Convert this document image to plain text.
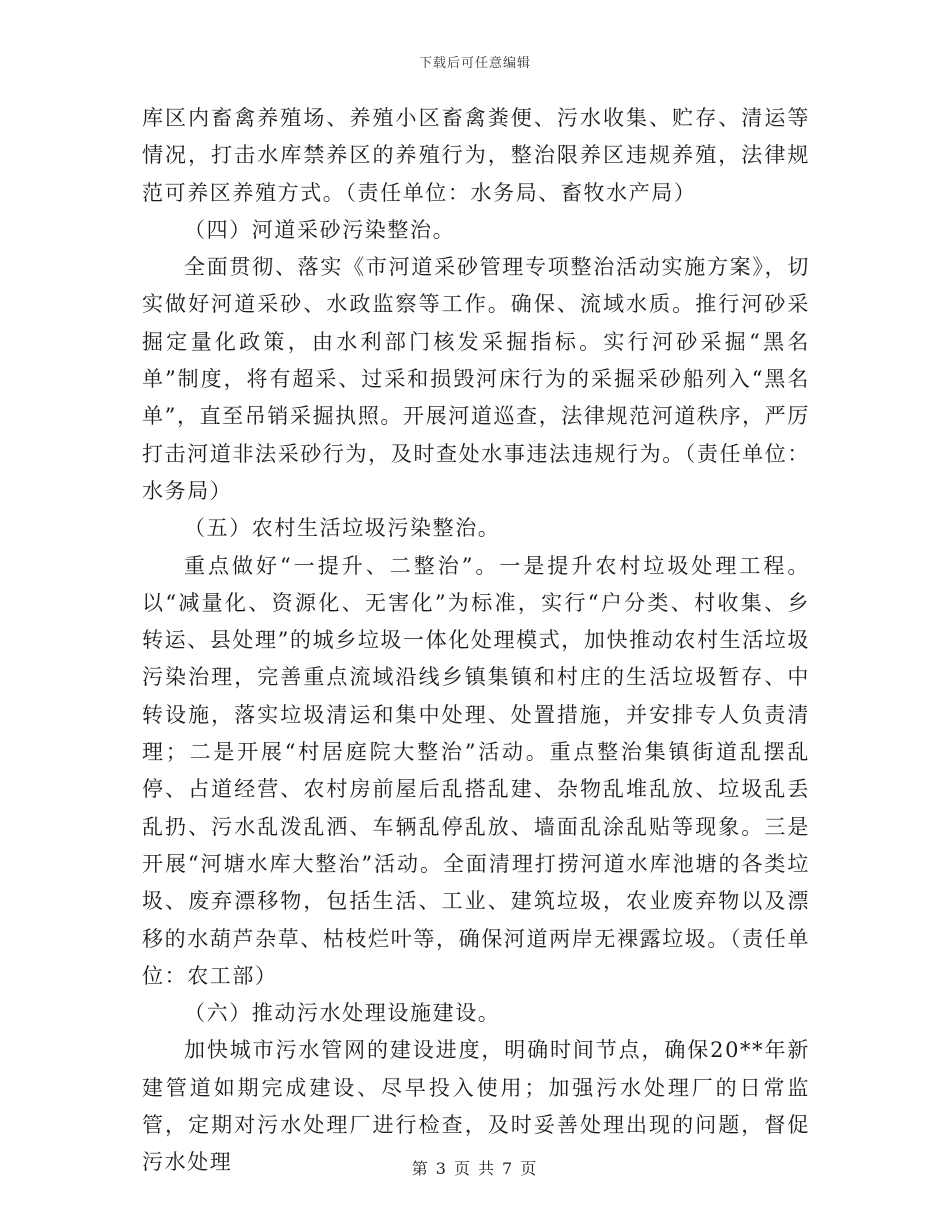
下载后可任意编辑

库区内畜禽养殖场、养殖小区畜禽粪便、污水收集、贮存、清运等情况，打击水库禁养区的养殖行为，整治限养区违规养殖，法律规范可养区养殖方式。（责任单位：水务局、畜牧水产局）

（四）河道采砂污染整治。

全面贯彻、落实《市河道采砂管理专项整治活动实施方案》，切实做好河道采砂、水政监察等工作。确保、流域水质。推行河砂采掘定量化政策，由水利部门核发采掘指标。实行河砂采掘“黑名单”制度，将有超采、过采和损毁河床行为的采掘采砂船列入“黑名单”，直至吊销采掘执照。开展河道巡查，法律规范河道秩序，严厉打击河道非法采砂行为，及时查处水事违法违规行为。（责任单位：水务局）

（五）农村生活垃圾污染整治。

重点做好“一提升、二整治”。一是提升农村垃圾处理工程。以“减量化、资源化、无害化”为标准，实行“户分类、村收集、乡转运、县处理”的城乡垃圾一体化处理模式，加快推动农村生活垃圾污染治理，完善重点流域沿线乡镇集镇和村庄的生活垃圾暂存、中转设施，落实垃圾清运和集中处理、处置措施，并安排专人负责清理；二是开展“村居庭院大整治”活动。重点整治集镇街道乱摆乱停、占道经营、农村房前屋后乱搭乱建、杂物乱堆乱放、垃圾乱丢乱扔、污水乱泼乱洒、车辆乱停乱放、墙面乱涂乱贴等现象。三是开展“河塘水库大整治”活动。全面清理打捞河道水库池塘的各类垃圾、废弃漂移物，包括生活、工业、建筑垃圾，农业废弃物以及漂移的水葫芦杂草、枯枝烂叶等，确保河道两岸无裸露垃圾。（责任单位：农工部）

（六）推动污水处理设施建设。

加快城市污水管网的建设进度，明确时间节点，确保20**年新建管道如期完成建设、尽早投入使用；加强污水处理厂的日常监管，定期对污水处理厂进行检查，及时妥善处理出现的问题，督促污水处理	第 3 页 共 7 页
